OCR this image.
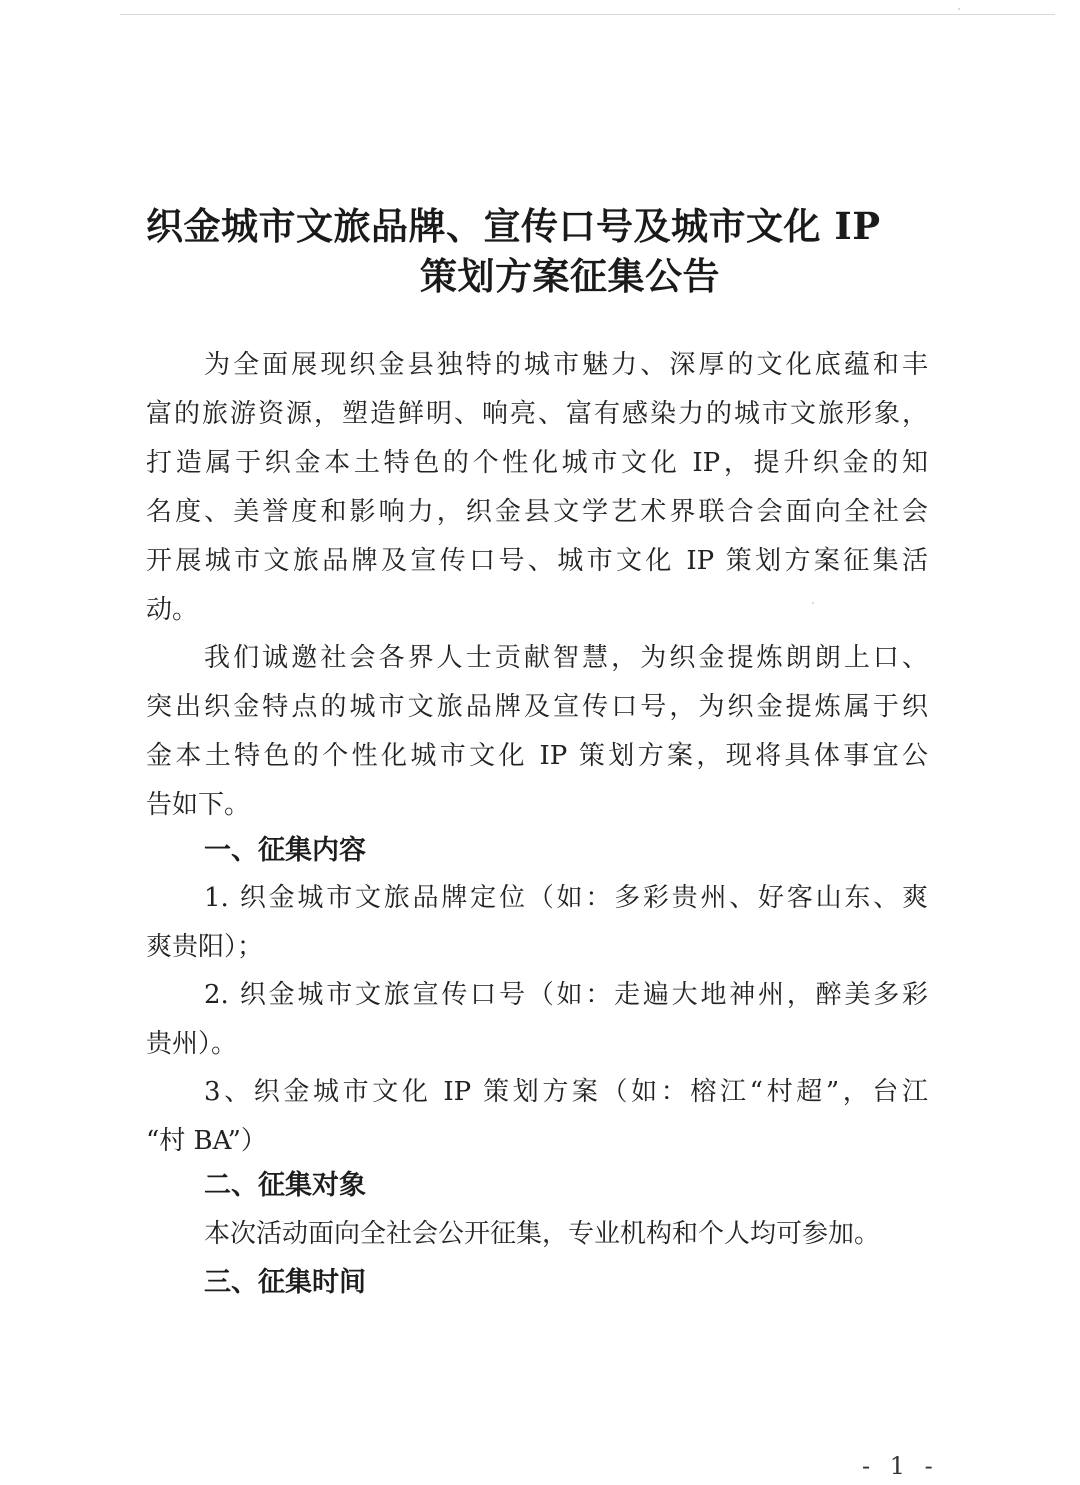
织金城市文旅品牌、宣传口号及城市文化 IP
策划方案征集公告
为全面展现织金县独特的城市魅力、深厚的文化底蕴和丰
富的旅游资源，塑造鲜明、响亮、富有感染力的城市文旅形象，
打造属于织金本土特色的个性化城市文化 IP，提升织金的知
名度、美誉度和影响力，织金县文学艺术界联合会面向全社会
开展城市文旅品牌及宣传口号、城市文化 IP 策划方案征集活
动。
我们诚邀社会各界人士贡献智慧，为织金提炼朗朗上口、
突出织金特点的城市文旅品牌及宣传口号，为织金提炼属于织
金本土特色的个性化城市文化 IP 策划方案，现将具体事宜公
告如下。
一、征集内容
1. 织金城市文旅品牌定位（如：多彩贵州、好客山东、爽
爽贵阳）；
2. 织金城市文旅宣传口号（如：走遍大地神州，醉美多彩
贵州）。
3、织金城市文化 IP 策划方案（如：榕江“村超”，台江
“村 BA”）
二、征集对象
本次活动面向全社会公开征集，专业机构和个人均可参加。
三、征集时间
- 1 -
